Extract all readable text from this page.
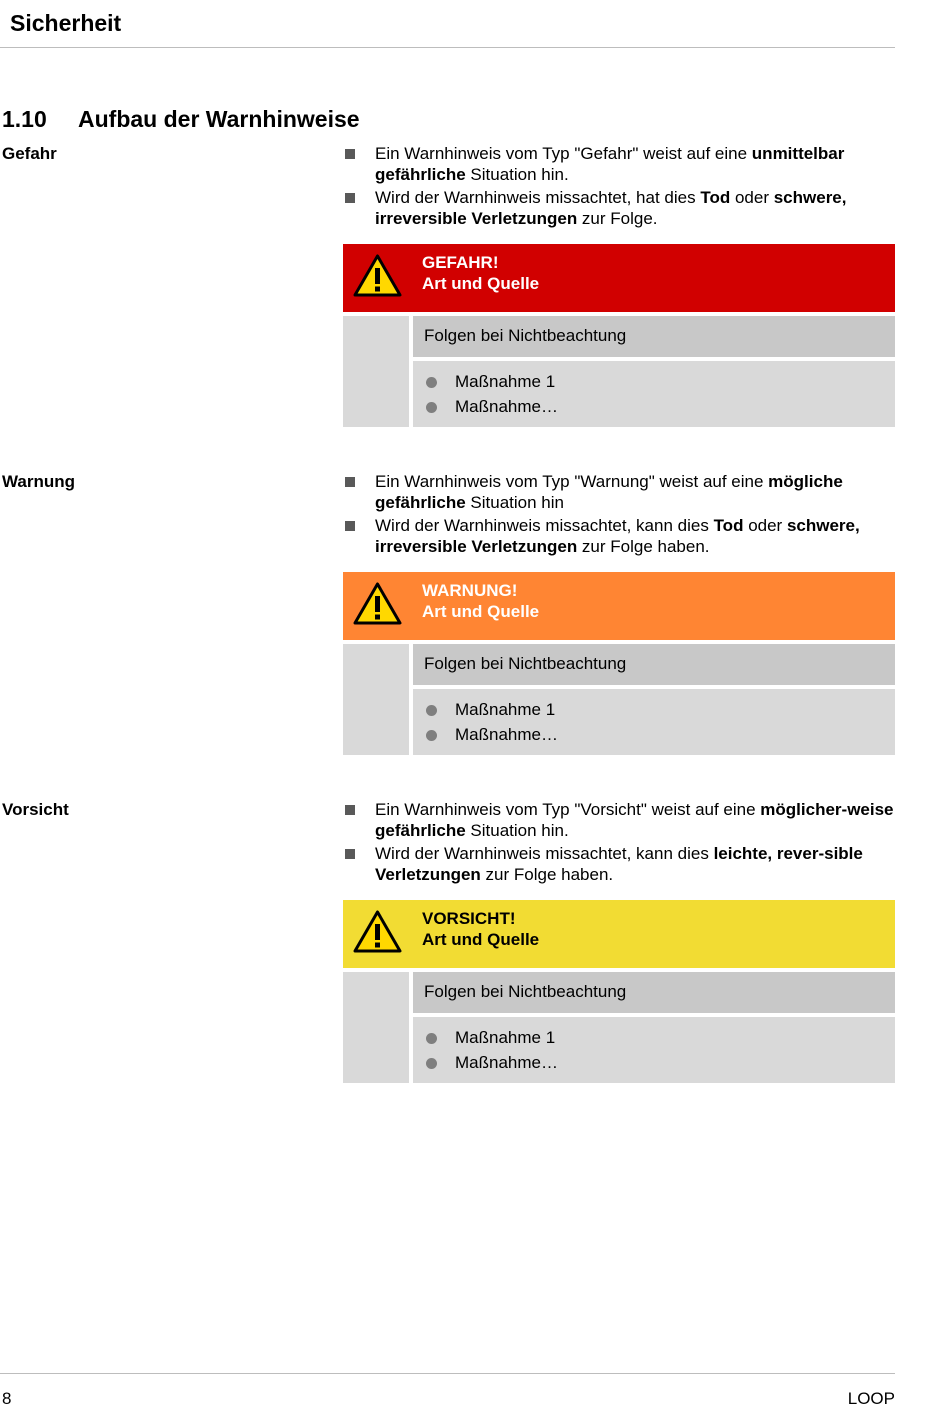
Sicherheit
1.10 Aufbau der Warnhinweise
Gefahr	Ein Warnhinweis vom Typ "Gefahr" weist auf eine unmittelbar gefährliche Situation hin.
Wird der Warnhinweis missachtet, hat dies Tod oder schwere, irreversible Verletzungen zur Folge.
GEFAHR!
Art und Quelle
Folgen bei Nichtbeachtung
Maßnahme 1
Maßnahme…
Warnung	Ein Warnhinweis vom Typ "Warnung" weist auf eine mögliche gefährliche Situation hin
Wird der Warnhinweis missachtet, kann dies Tod oder schwere, irreversible Verletzungen zur Folge haben.
WARNUNG!
Art und Quelle
Folgen bei Nichtbeachtung
Maßnahme 1
Maßnahme…
Vorsicht	Ein Warnhinweis vom Typ "Vorsicht" weist auf eine möglicher-weise gefährliche Situation hin.
Wird der Warnhinweis missachtet, kann dies leichte, rever-sible Verletzungen zur Folge haben.
VORSICHT!
Art und Quelle
Folgen bei Nichtbeachtung
Maßnahme 1
Maßnahme…
8	LOOP
